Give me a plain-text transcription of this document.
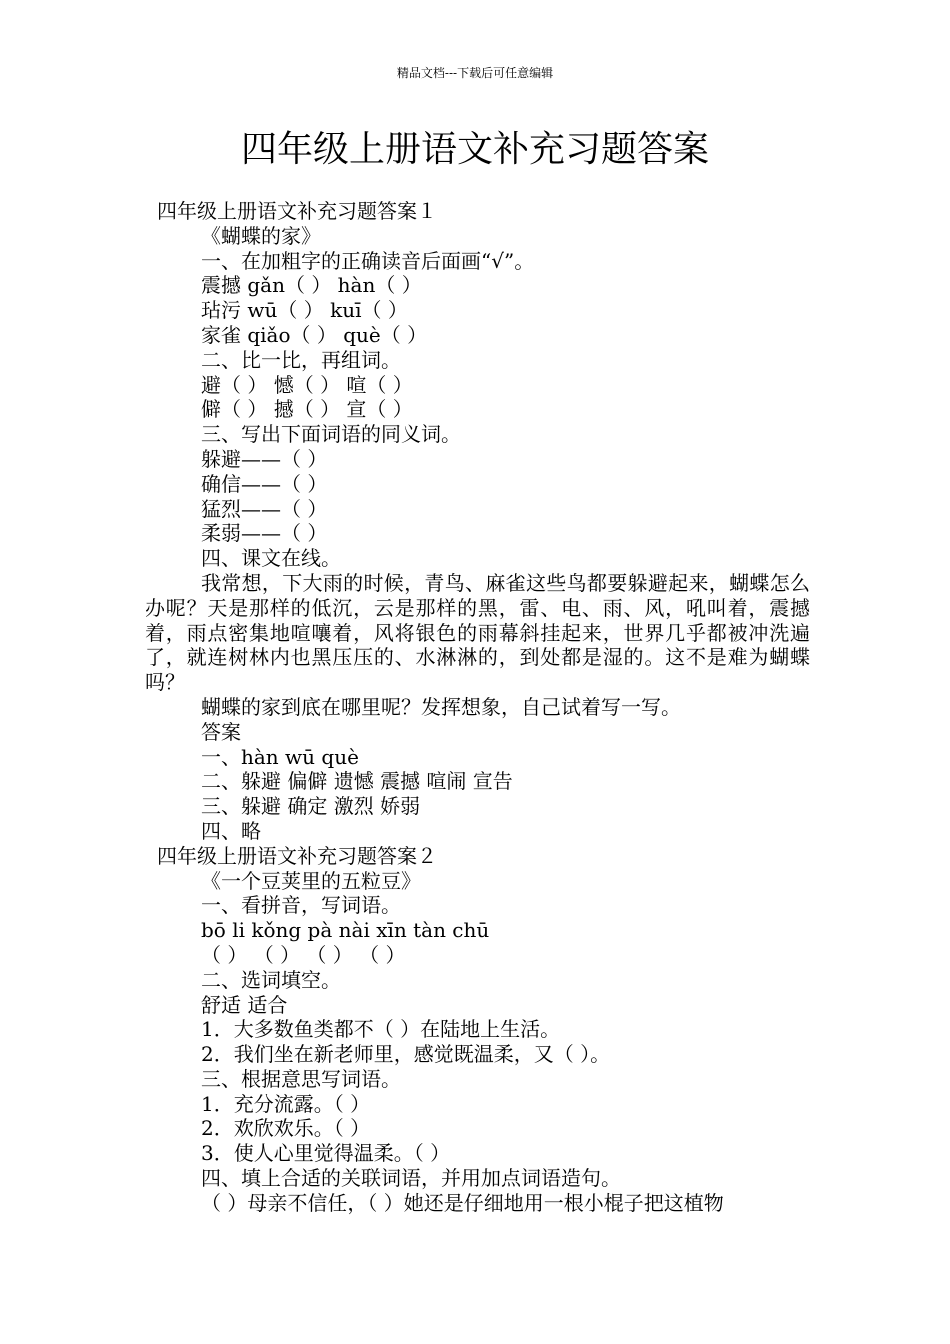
精品文档---下载后可任意编辑
四年级上册语文补充习题答案
四年级上册语文补充习题答案１
《蝴蝶的家》
一、在加粗字的正确读音后面画“√”。
震撼 gǎn（ ） hàn（ ）
玷污 wū（ ） kuī（ ）
家雀 qiǎo（ ） què（ ）
二、比一比，再组词。
避（ ） 憾（ ） 喧（ ）
僻（ ） 撼（ ） 宣（ ）
三、写出下面词语的同义词。
躲避——（ ）
确信——（ ）
猛烈——（ ）
柔弱——（ ）
四、课文在线。
我常想，下大雨的时候，青鸟、麻雀这些鸟都要躲避起来，蝴蝶怎么办呢？天是那样的低沉，云是那样的黑，雷、电、雨、风，吼叫着，震撼着，雨点密集地喧嚷着，风将银色的雨幕斜挂起来，世界几乎都被冲洗遍了，就连树林内也黑压压的、水淋淋的，到处都是湿的。这不是难为蝴蝶吗？
蝴蝶的家到底在哪里呢？发挥想象，自己试着写一写。
答案
一、hàn wū què
二、躲避 偏僻 遗憾 震撼 喧闹 宣告
三、躲避 确定 激烈 娇弱
四、略
四年级上册语文补充习题答案２
《一个豆荚里的五粒豆》
一、看拼音，写词语。
bō li kǒng pà nài xīn tàn chū
（ ） （ ） （ ） （ ）
二、选词填空。
舒适 适合
1．大多数鱼类都不（ ）在陆地上生活。
2．我们坐在新老师里，感觉既温柔，又（ ）。
三、根据意思写词语。
1．充分流露。（ ）
2．欢欣欢乐。（ ）
3．使人心里觉得温柔。（ ）
四、填上合适的关联词语，并用加点词语造句。
（ ）母亲不信任，（ ）她还是仔细地用一根小棍子把这植物
